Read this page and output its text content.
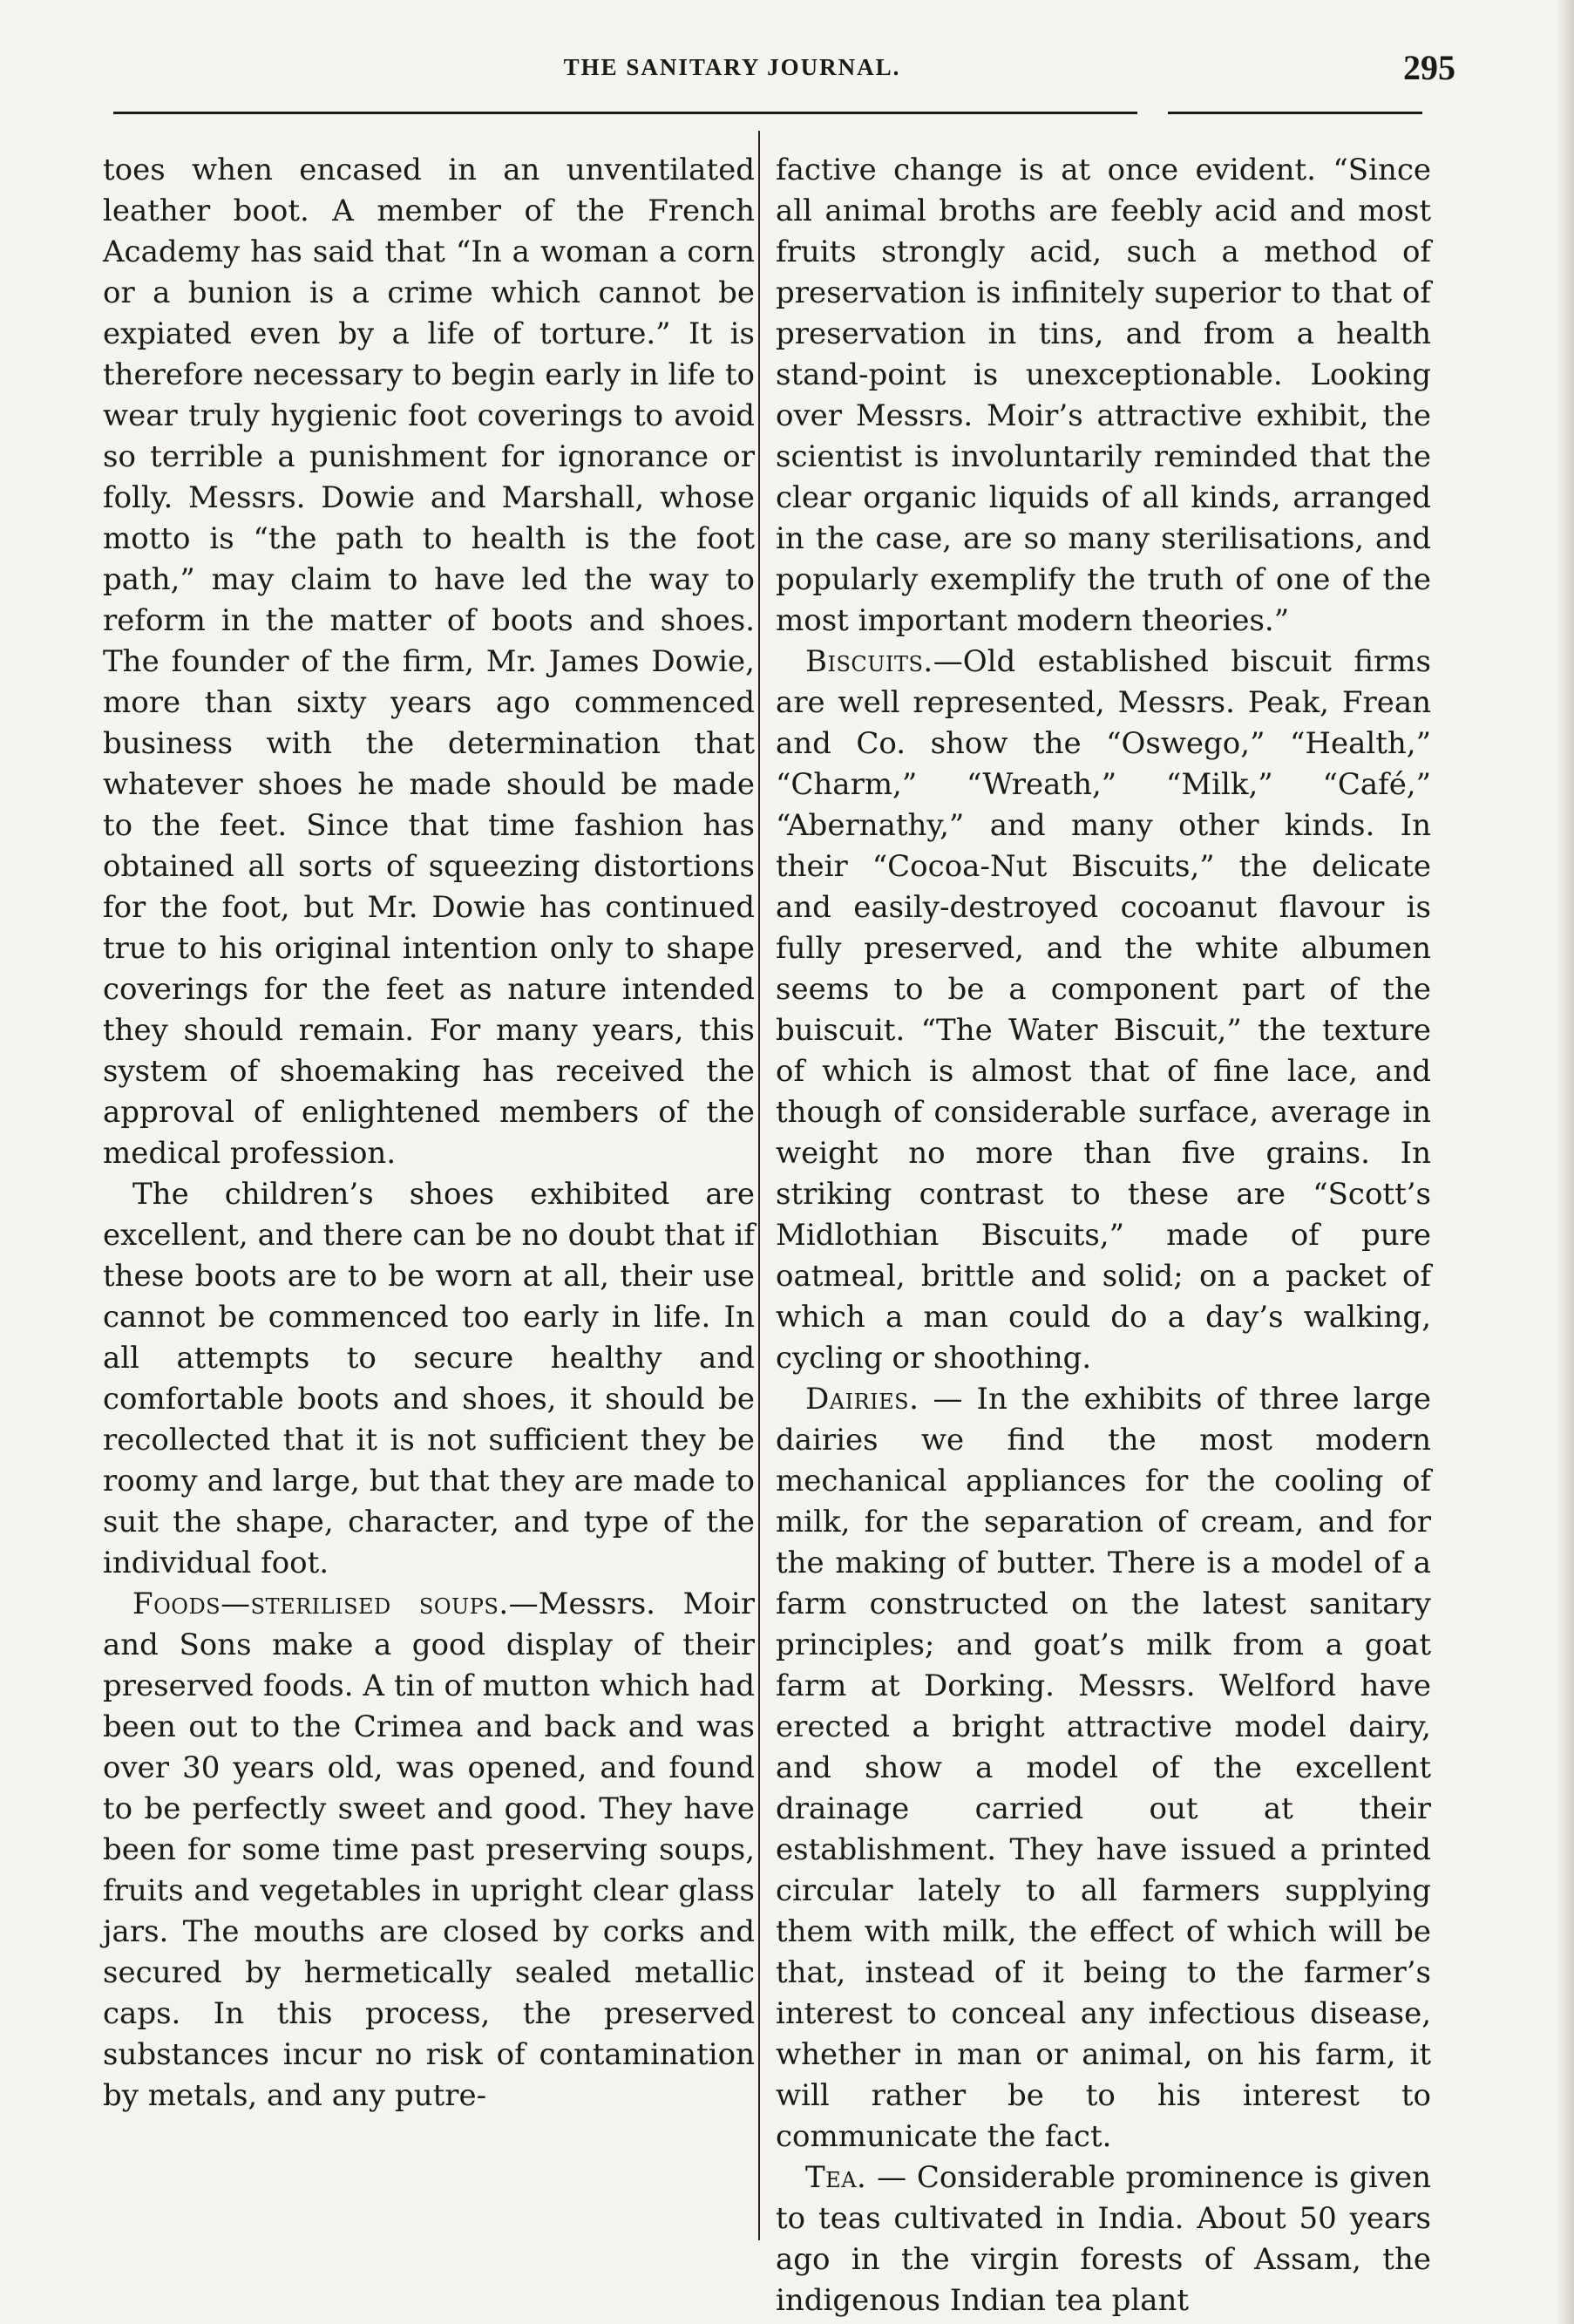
THE SANITARY JOURNAL.	295

toes when encased in an unventilated leather boot. A member of the French Academy has said that “In a woman a corn or a bunion is a crime which cannot be expiated even by a life of torture.” It is therefore necessary to begin early in life to wear truly hygienic foot coverings to avoid so terrible a punishment for ignorance or folly. Messrs. Dowie and Marshall, whose motto is “the path to health is the foot path,” may claim to have led the way to reform in the matter of boots and shoes. The founder of the firm, Mr. James Dowie, more than sixty years ago commenced business with the determination that whatever shoes he made should be made to the feet. Since that time fashion has obtained all sorts of squeezing distortions for the foot, but Mr. Dowie has continued true to his original intention only to shape coverings for the feet as nature intended they should remain. For many years, this system of shoemaking has received the approval of enlightened members of the medical profession.

The children’s shoes exhibited are excellent, and there can be no doubt that if these boots are to be worn at all, their use cannot be commenced too early in life. In all attempts to secure healthy and comfortable boots and shoes, it should be recollected that it is not sufficient they be roomy and large, but that they are made to suit the shape, character, and type of the individual foot.

Foods—sterilised soups.—Messrs. Moir and Sons make a good display of their preserved foods. A tin of mutton which had been out to the Crimea and back and was over 30 years old, was opened, and found to be perfectly sweet and good. They have been for some time past preserving soups, fruits and vegetables in upright clear glass jars. The mouths are closed by corks and secured by hermetically sealed metallic caps. In this process, the preserved substances incur no risk of contamination by metals, and any putre-

factive change is at once evident. “Since all animal broths are feebly acid and most fruits strongly acid, such a method of preservation is infinitely superior to that of preservation in tins, and from a health stand-point is unexceptionable. Looking over Messrs. Moir’s attractive exhibit, the scientist is involuntarily reminded that the clear organic liquids of all kinds, arranged in the case, are so many sterilisations, and popularly exemplify the truth of one of the most important modern theories.”

Biscuits.—Old established biscuit firms are well represented, Messrs. Peak, Frean and Co. show the “Oswego,” “Health,” “Charm,” “Wreath,” “Milk,” “Café,” “Abernathy,” and many other kinds. In their “Cocoa-Nut Biscuits,” the delicate and easily-destroyed cocoanut flavour is fully preserved, and the white albumen seems to be a component part of the buiscuit. “The Water Biscuit,” the texture of which is almost that of fine lace, and though of considerable surface, average in weight no more than five grains. In striking contrast to these are “Scott’s Midlothian Biscuits,” made of pure oatmeal, brittle and solid; on a packet of which a man could do a day’s walking, cycling or shoothing.

Dairies. — In the exhibits of three large dairies we find the most modern mechanical appliances for the cooling of milk, for the separation of cream, and for the making of butter. There is a model of a farm constructed on the latest sanitary principles; and goat’s milk from a goat farm at Dorking. Messrs. Welford have erected a bright attractive model dairy, and show a model of the excellent drainage carried out at their establishment. They have issued a printed circular lately to all farmers supplying them with milk, the effect of which will be that, instead of it being to the farmer’s interest to conceal any infectious disease, whether in man or animal, on his farm, it will rather be to his interest to communicate the fact.

Tea. — Considerable prominence is given to teas cultivated in India. About 50 years ago in the virgin forests of Assam, the indigenous Indian tea plant
